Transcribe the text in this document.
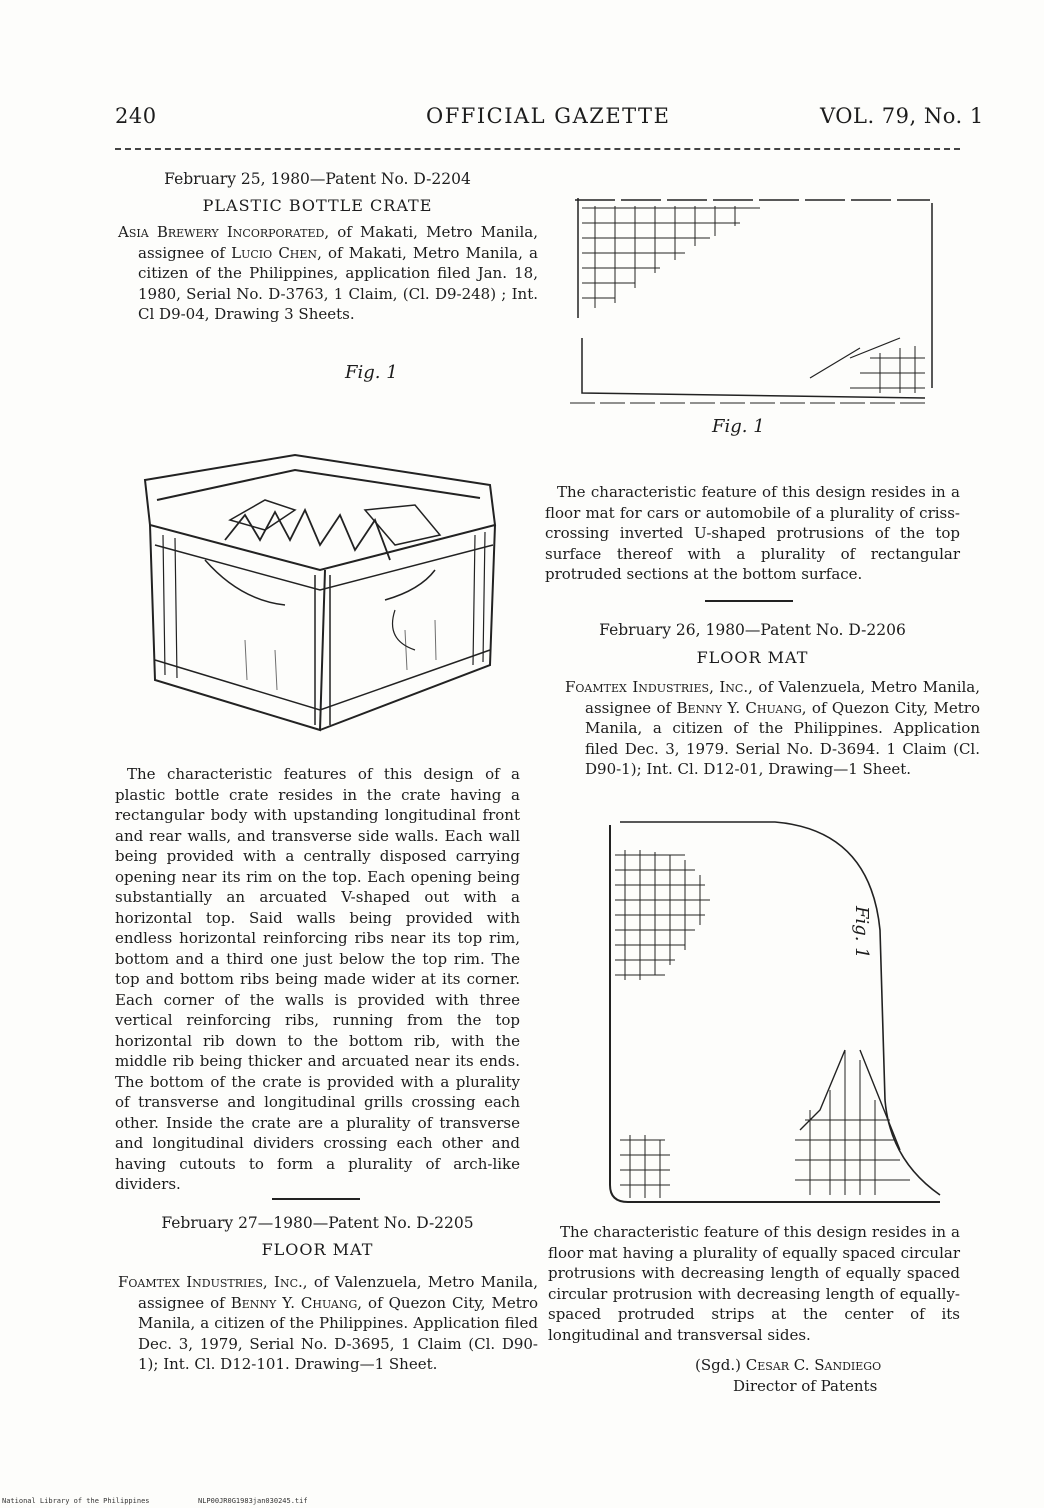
240	OFFICIAL GAZETTE	VOL. 79, No. 1
February 25, 1980—Patent No. D-2204
PLASTIC BOTTLE CRATE
Asia Brewery Incorporated, of Makati, Metro Manila, assignee of Lucio Chen, of Makati, Metro Manila, a citizen of the Philippines, application filed Jan. 18, 1980, Serial No. D-3763, 1 Claim, (Cl. D9-248) ; Int. Cl D9-04, Drawing 3 Sheets.
Fig. 1
The characteristic features of this design of a plastic bottle crate resides in the crate having a rectangular body with upstanding longitudinal front and rear walls, and transverse side walls. Each wall being provided with a centrally disposed carrying opening near its rim on the top. Each opening being substantially an arcuated V-shaped out with a horizontal top. Said walls being provided with endless horizontal reinforcing ribs near its top rim, bottom and a third one just below the top rim. The top and bottom ribs being made wider at its corner. Each corner of the walls is provided with three vertical reinforcing ribs, running from the top horizontal rib down to the bottom rib, with the middle rib being thicker and arcuated near its ends. The bottom of the crate is provided with a plurality of transverse and longitudinal grills crossing each other. Inside the crate are a plurality of transverse and longitudinal dividers crossing each other and having cutouts to form a plurality of arch-like dividers.
February 27—1980—Patent No. D-2205
FLOOR MAT
Foamtex Industries, Inc., of Valenzuela, Metro Manila, assignee of Benny Y. Chuang, of Quezon City, Metro Manila, a citizen of the Philippines. Application filed Dec. 3, 1979, Serial No. D-3695, 1 Claim (Cl. D90-1); Int. Cl. D12-101. Drawing—1 Sheet.
Fig. 1
The characteristic feature of this design resides in a floor mat for cars or automobile of a plurality of criss-crossing inverted U-shaped protrusions of the top surface thereof with a plurality of rectangular protruded sections at the bottom surface.
February 26, 1980—Patent No. D-2206
FLOOR MAT
Foamtex Industries, Inc., of Valenzuela, Metro Manila, assignee of Benny Y. Chuang, of Quezon City, Metro Manila, a citizen of the Philippines. Application filed Dec. 3, 1979. Serial No. D-3694. 1 Claim (Cl. D90-1); Int. Cl. D12-01, Drawing—1 Sheet.
Fig. 1
The characteristic feature of this design resides in a floor mat having a plurality of equally spaced circular protrusions with decreasing length of equally spaced circular protrusion with decreasing length of equally-spaced protruded strips at the center of its longitudinal and transversal sides.
(Sgd.) Cesar C. Sandiego
Director of Patents
National Library of the Philippines	NLP00JR0G1983jan030245.tif
